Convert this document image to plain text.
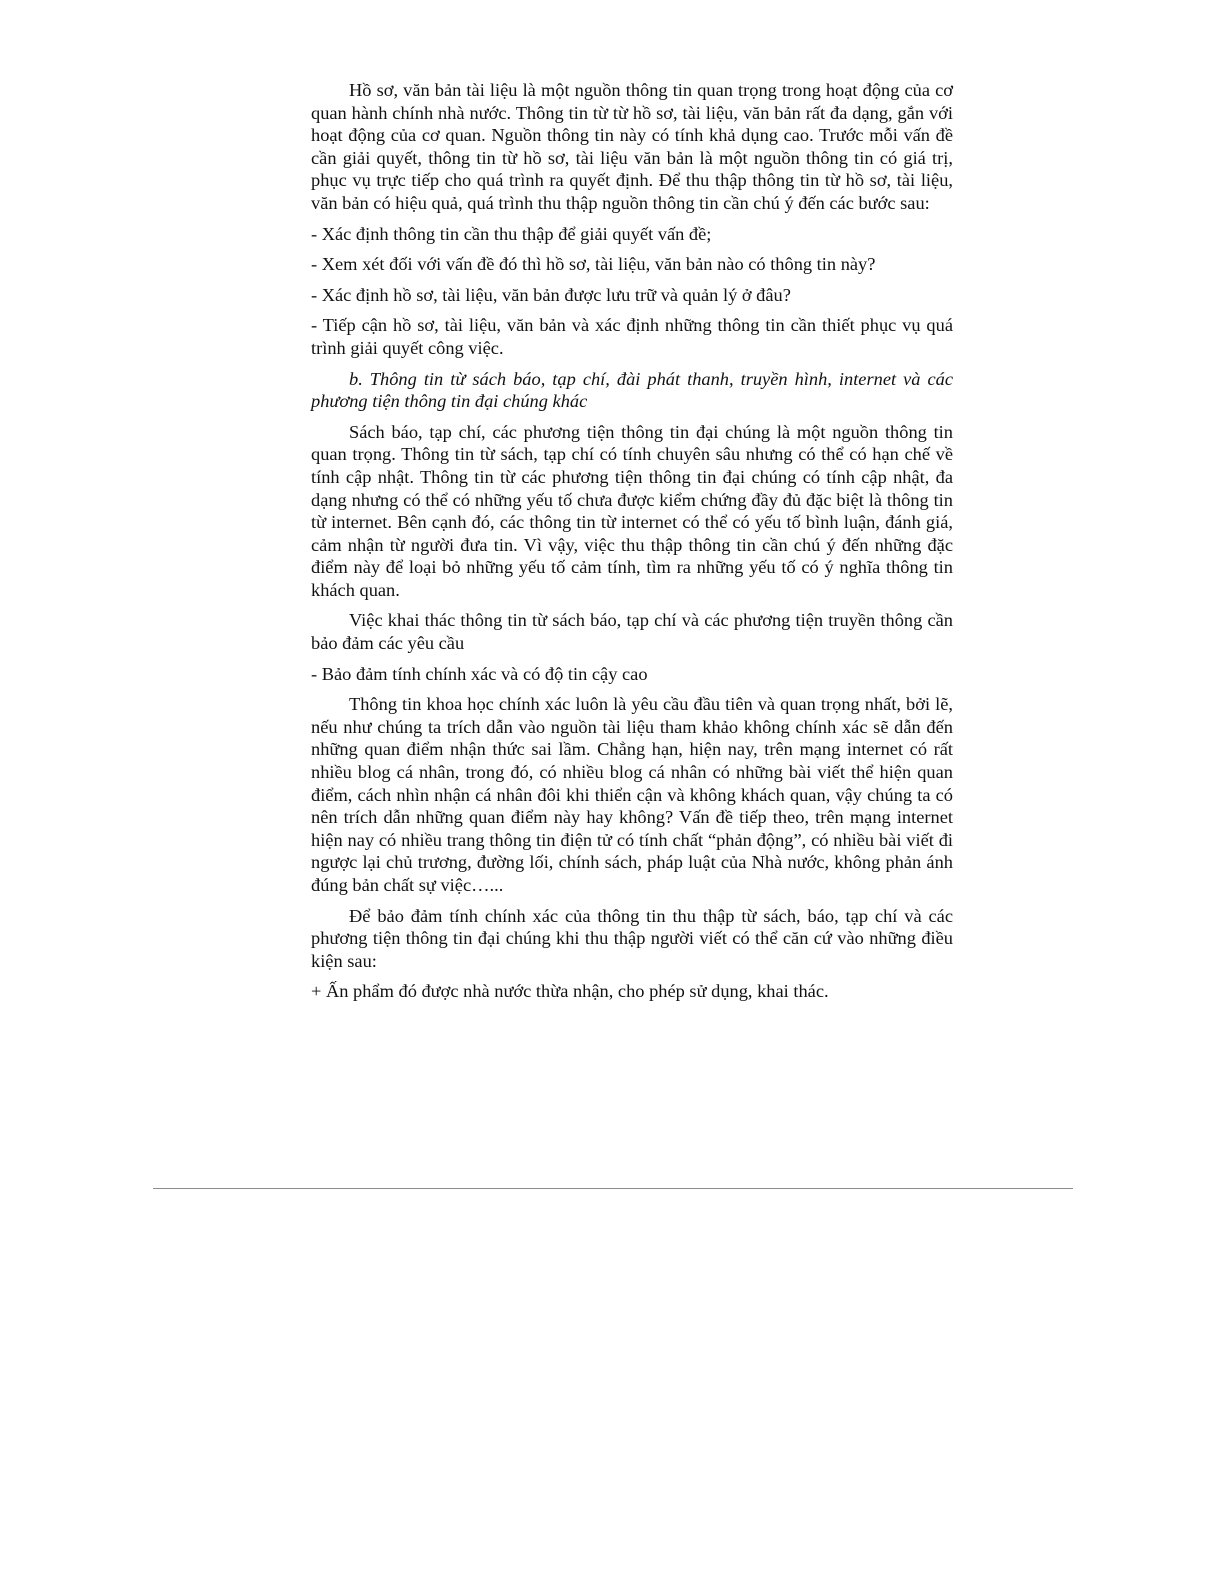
Hồ sơ, văn bản tài liệu là một nguồn thông tin quan trọng trong hoạt động của cơ quan hành chính nhà nước. Thông tin từ từ hồ sơ, tài liệu, văn bản rất đa dạng, gắn với hoạt động của cơ quan. Nguồn thông tin này có tính khả dụng cao. Trước mỗi vấn đề cần giải quyết, thông tin từ hồ sơ, tài liệu văn bản là một nguồn thông tin có giá trị, phục vụ trực tiếp cho quá trình ra quyết định. Để thu thập thông tin từ hồ sơ, tài liệu, văn bản có hiệu quả, quá trình thu thập nguồn thông tin cần chú ý đến các bước sau:

- Xác định thông tin cần thu thập để giải quyết vấn đề;

- Xem xét đối với vấn đề đó thì hồ sơ, tài liệu, văn bản nào có thông tin này?

- Xác định hồ sơ, tài liệu, văn bản được lưu trữ và quản lý ở đâu?

- Tiếp cận hồ sơ, tài liệu, văn bản và xác định những thông tin cần thiết phục vụ quá trình giải quyết công việc.

b. Thông tin từ sách báo, tạp chí, đài phát thanh, truyền hình, internet và các phương tiện thông tin đại chúng khác

Sách báo, tạp chí, các phương tiện thông tin đại chúng là một nguồn thông tin quan trọng. Thông tin từ sách, tạp chí có tính chuyên sâu nhưng có thể có hạn chế về tính cập nhật. Thông tin từ các phương tiện thông tin đại chúng có tính cập nhật, đa dạng nhưng có thể có những yếu tố chưa được kiểm chứng đầy đủ đặc biệt là thông tin từ internet. Bên cạnh đó, các thông tin từ internet có thể có yếu tố bình luận, đánh giá, cảm nhận từ người đưa tin. Vì vậy, việc thu thập thông tin cần chú ý đến những đặc điểm này để loại bỏ những yếu tố cảm tính, tìm ra những yếu tố có ý nghĩa thông tin khách quan.

Việc khai thác thông tin từ sách báo, tạp chí và các phương tiện truyền thông cần bảo đảm các yêu cầu

- Bảo đảm tính chính xác và có độ tin cậy cao

Thông tin khoa học chính xác luôn là yêu cầu đầu tiên và quan trọng nhất, bởi lẽ, nếu như chúng ta trích dẫn vào nguồn tài liệu tham khảo không chính xác sẽ dẫn đến những quan điểm nhận thức sai lầm. Chẳng hạn, hiện nay, trên mạng internet có rất nhiều blog cá nhân, trong đó, có nhiều blog cá nhân có những bài viết thể hiện quan điểm, cách nhìn nhận cá nhân đôi khi thiển cận và không khách quan, vậy chúng ta có nên trích dẫn những quan điểm này hay không? Vấn đề tiếp theo, trên mạng internet hiện nay có nhiều trang thông tin điện tử có tính chất “phản động”, có nhiều bài viết đi ngược lại chủ trương, đường lối, chính sách, pháp luật của Nhà nước, không phản ánh đúng bản chất sự việc…...

Để bảo đảm tính chính xác của thông tin thu thập từ sách, báo, tạp chí và các phương tiện thông tin đại chúng khi thu thập người viết có thể căn cứ vào những điều kiện sau:

+ Ấn phẩm đó được nhà nước thừa nhận, cho phép sử dụng, khai thác.
